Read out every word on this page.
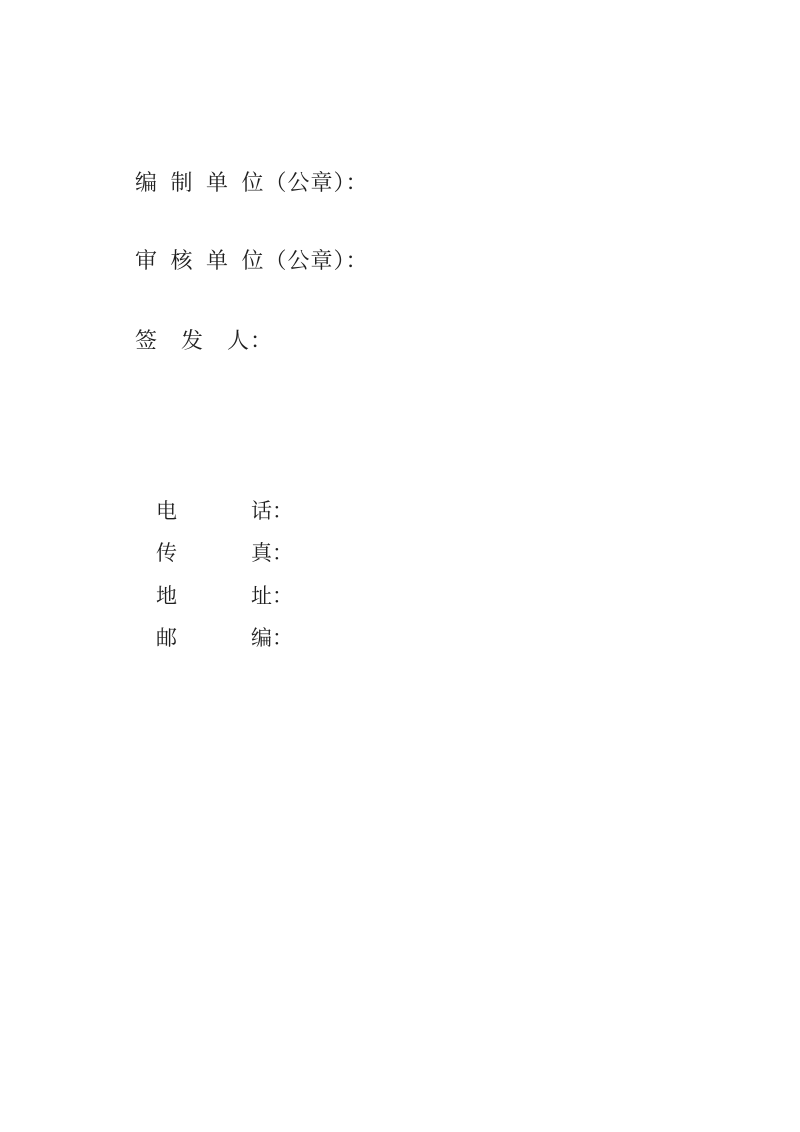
编 制 单 位（公章）：
审 核 单 位（公章）：
签　发　人：

电	话：

传	真：

地	址：

邮	编：
